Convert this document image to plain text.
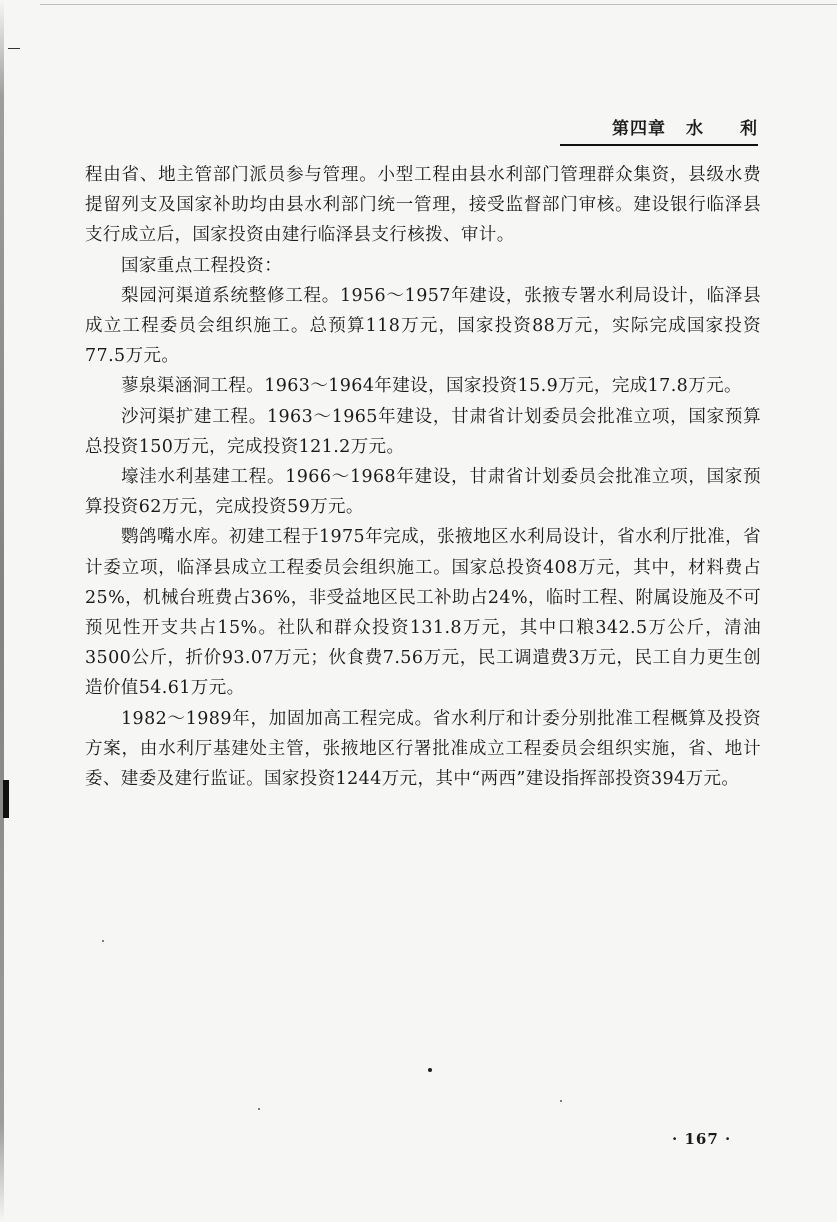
第四章 水 利

程由省、地主管部门派员参与管理。小型工程由县水利部门管理群众集资，县级水费提留列支及国家补助均由县水利部门统一管理，接受监督部门审核。建设银行临泽县支行成立后，国家投资由建行临泽县支行核拨、审计。

国家重点工程投资：

梨园河渠道系统整修工程。1956～1957年建设，张掖专署水利局设计，临泽县成立工程委员会组织施工。总预算118万元，国家投资88万元，实际完成国家投资77.5万元。

蓼泉渠涵洞工程。1963～1964年建设，国家投资15.9万元，完成17.8万元。

沙河渠扩建工程。1963～1965年建设，甘肃省计划委员会批准立项，国家预算总投资150万元，完成投资121.2万元。

壕洼水利基建工程。1966～1968年建设，甘肃省计划委员会批准立项，国家预算投资62万元，完成投资59万元。

鹦鸽嘴水库。初建工程于1975年完成，张掖地区水利局设计，省水利厅批准，省计委立项，临泽县成立工程委员会组织施工。国家总投资408万元，其中，材料费占25%，机械台班费占36%，非受益地区民工补助占24%，临时工程、附属设施及不可预见性开支共占15%。社队和群众投资131.8万元，其中口粮342.5万公斤，清油3500公斤，折价93.07万元；伙食费7.56万元，民工调遣费3万元，民工自力更生创造价值54.61万元。

1982～1989年，加固加高工程完成。省水利厅和计委分别批准工程概算及投资方案，由水利厅基建处主管，张掖地区行署批准成立工程委员会组织实施，省、地计委、建委及建行监证。国家投资1244万元，其中“两西”建设指挥部投资394万元。

· 167 ·
